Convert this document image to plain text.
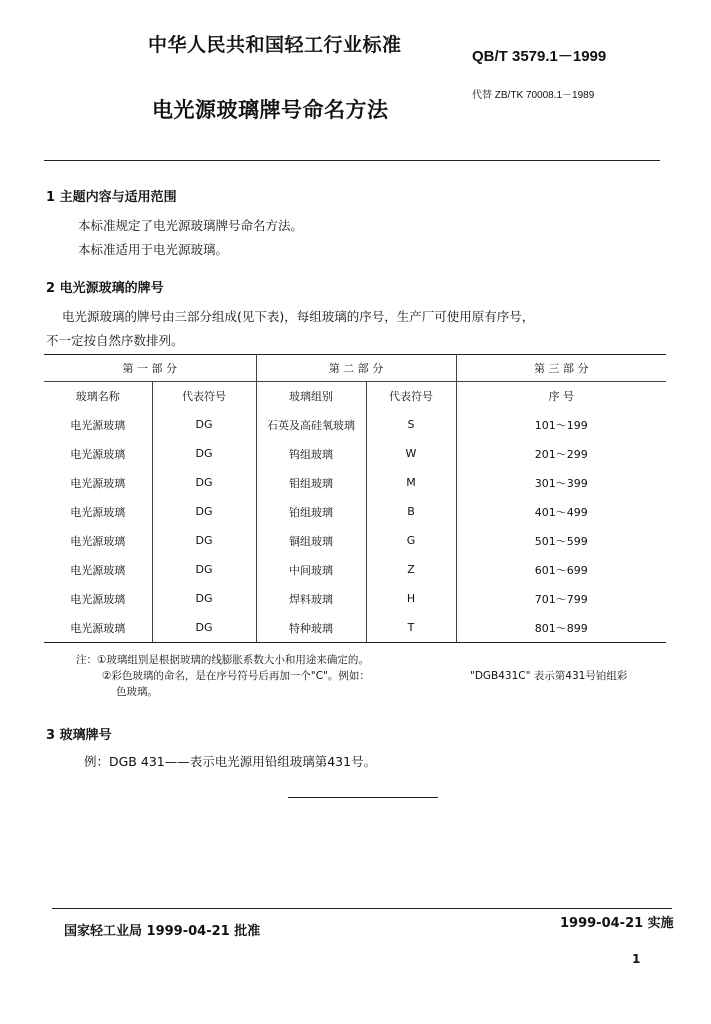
中华人民共和国轻工行业标准
QB/T 3579.1－1999
代替 ZB/TK 70008.1－1989
电光源玻璃牌号命名方法
1 主题内容与适用范围
本标准规定了电光源玻璃牌号命名方法。
本标准适用于电光源玻璃。
2 电光源玻璃的牌号
电光源玻璃的牌号由三部分组成(见下表)，每组玻璃的序号，生产厂可使用原有序号，
不一定按自然序数排列。
第 一 部 分		第 二 部 分		第 三 部 分
玻璃名称	代表符号	玻璃组别	代表符号	序 号
电光源玻璃	DG	石英及高硅氧玻璃	S	101～199
电光源玻璃	DG	钨组玻璃	W	201～299
电光源玻璃	DG	钼组玻璃	M	301～399
电光源玻璃	DG	铂组玻璃	B	401～499
电光源玻璃	DG	铜组玻璃	G	501～599
电光源玻璃	DG	中间玻璃	Z	601～699
电光源玻璃	DG	焊料玻璃	H	701～799
电光源玻璃	DG	特种玻璃	T	801～899
注：①玻璃组别是根据玻璃的线膨胀系数大小和用途来确定的。
②彩色玻璃的命名，是在序号符号后再加一个"C"。例如：	"DGB431C" 表示第431号铂组彩
色玻璃。
3 玻璃牌号
例：DGB 431——表示电光源用铅组玻璃第431号。
国家轻工业局 1999-04-21 批准
1999-04-21 实施
1
